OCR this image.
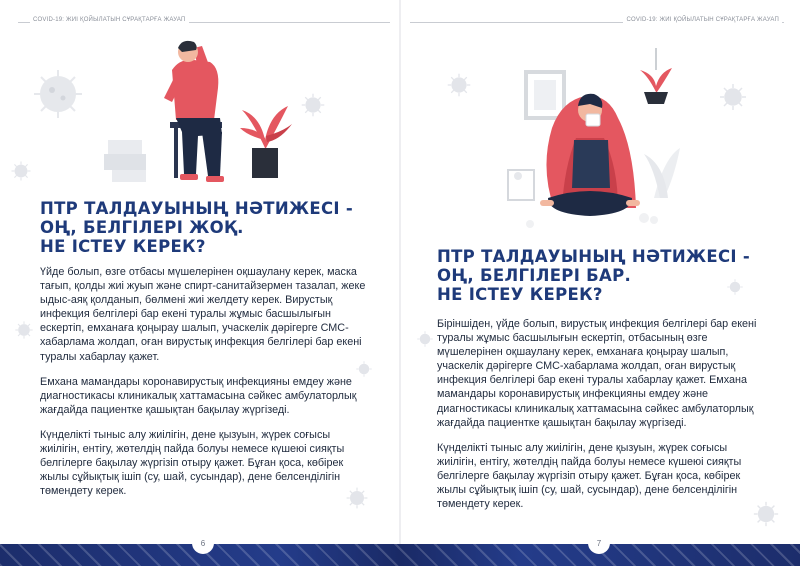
COVID-19: ЖИІ ҚОЙЫЛАТЫН СҰРАҚТАРҒА ЖАУАП
ПТР ТАЛДАУЫНЫҢ НӘТИЖЕСІ -
ОҢ, БЕЛГІЛЕРІ ЖОҚ.
НЕ ІСТЕУ КЕРЕК?

Үйде болып, өзге отбасы мүшелерінен оқшаулану керек, маска тағып, қолды жиі жуып және спирт-санитайзермен тазалап, жеке ыдыс-аяқ қолданып, бөлмені жиі желдету керек. Вирустық инфекция белгілері бар екені туралы жұмыс басшылығын ескертіп, емханаға қоңырау шалып, учаскелік дәрігерге СМС-хабарлама жолдап, оған вирустық инфекция белгілері бар екені туралы хабарлау қажет.

Емхана мамандары коронавирустық инфекцияны емдеу және диагностикасы клиникалық хаттамасына сәйкес амбулаторлық жағдайда пациентке қашықтан бақылау жүргізеді.

Күнделікті тыныс алу жиілігін, дене қызуын, жүрек соғысы жиілігін, ентігу, жөтелдің пайда болуы немесе күшеюі сияқты белгілерге бақылау жүргізіп отыру қажет. Бұған қоса, көбірек жылы сұйықтық ішіп (су, шай, сусындар), дене белсенділігін төмендету керек.

COVID-19: ЖИІ ҚОЙЫЛАТЫН СҰРАҚТАРҒА ЖАУАП
ПТР ТАЛДАУЫНЫҢ НӘТИЖЕСІ -
ОҢ, БЕЛГІЛЕРІ БАР.
НЕ ІСТЕУ КЕРЕК?

Біріншіден, үйде болып, вирустық инфекция белгілері бар екені туралы жұмыс басшылығын ескертіп, отбасының өзге мүшелерінен оқшаулану керек, емханаға қоңырау шалып, учаскелік дәрігерге СМС-хабарлама жолдап, оған вирустық инфекция белгілері бар екені туралы хабарлау қажет. Емхана мамандары коронавирустық инфекцияны емдеу және диагностикасы клиникалық хаттамасына сәйкес амбулаторлық жағдайда пациентке қашықтан бақылау жүргізеді.

Күнделікті тыныс алу жиілігін, дене қызуын, жүрек соғысы жиілігін, ентігу, жөтелдің пайда болуы немесе күшеюі сияқты белгілерге бақылау жүргізіп отыру қажет. Бұған қоса, көбірек жылы сұйықтық ішіп (су, шай, сусындар), дене белсенділігін төмендету керек.

6	7
